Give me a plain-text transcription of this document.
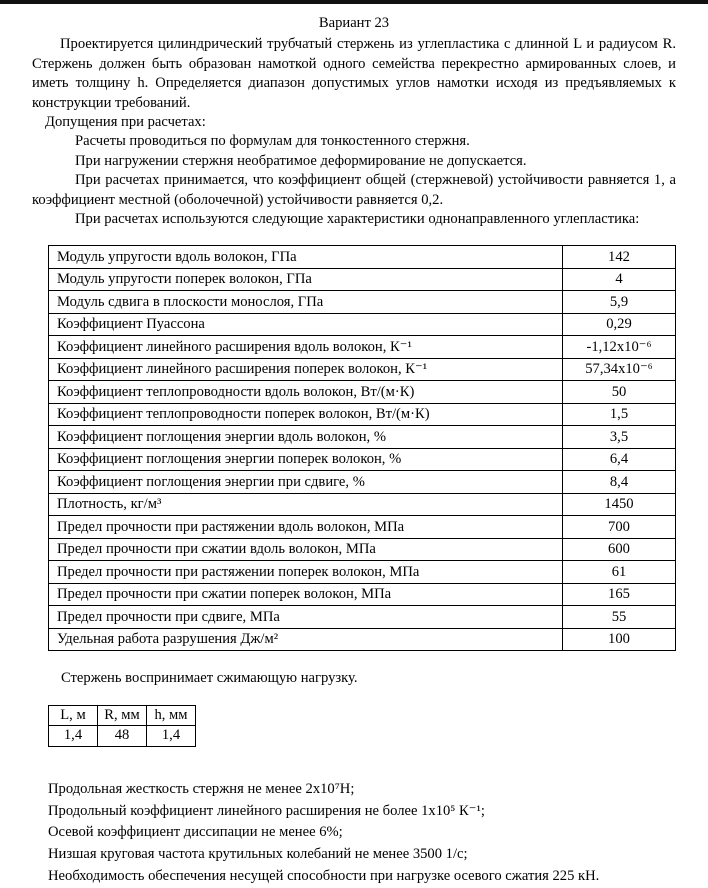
Вариант 23

Проектируется цилиндрический трубчатый стержень из углепластика с длинной L и радиусом R. Стержень должен быть образован намоткой одного семейства перекрестно армированных слоев, и иметь толщину h. Определяется диапазон допустимых углов намотки исходя из предъявляемых к конструкции требований.

Допущения при расчетах:

Расчеты проводиться по формулам для тонкостенного стержня.

При нагружении стержня необратимое деформирование не допускается.

При расчетах принимается, что коэффициент общей (стержневой) устойчивости равняется 1, а коэффициент местной (оболочечной) устойчивости равняется 0,2.

При расчетах используются следующие характеристики однонаправленного углепластика:

Модуль упругости вдоль волокон, ГПа	142
Модуль упругости поперек волокон, ГПа	4
Модуль сдвига в плоскости монослоя, ГПа	5,9
Коэффициент Пуассона	0,29
Коэффициент линейного расширения вдоль волокон, К⁻¹	-1,12x10⁻⁶
Коэффициент линейного расширения поперек волокон, К⁻¹	57,34x10⁻⁶
Коэффициент теплопроводности вдоль волокон, Вт/(м·К)	50
Коэффициент теплопроводности поперек волокон, Вт/(м·К)	1,5
Коэффициент поглощения энергии вдоль волокон, %	3,5
Коэффициент поглощения энергии поперек волокон, %	6,4
Коэффициент поглощения энергии при сдвиге, %	8,4
Плотность, кг/м³	1450
Предел прочности при растяжении вдоль волокон, МПа	700
Предел прочности при сжатии вдоль волокон, МПа	600
Предел прочности при растяжении поперек волокон, МПа	61
Предел прочности при сжатии поперек волокон, МПа	165
Предел прочности при сдвиге, МПа	55
Удельная работа разрушения Дж/м²	100

Стержень воспринимает сжимающую нагрузку.

L, м	R, мм	h, мм
1,4	48	1,4

Продольная жесткость стержня не менее 2x10⁷Н;

Продольный коэффициент линейного расширения не более 1x10⁵ К⁻¹;

Осевой коэффициент диссипации не менее 6%;

Низшая круговая частота крутильных колебаний не менее 3500 1/с;

Необходимость обеспечения несущей способности при нагрузке осевого сжатия 225 кН.
